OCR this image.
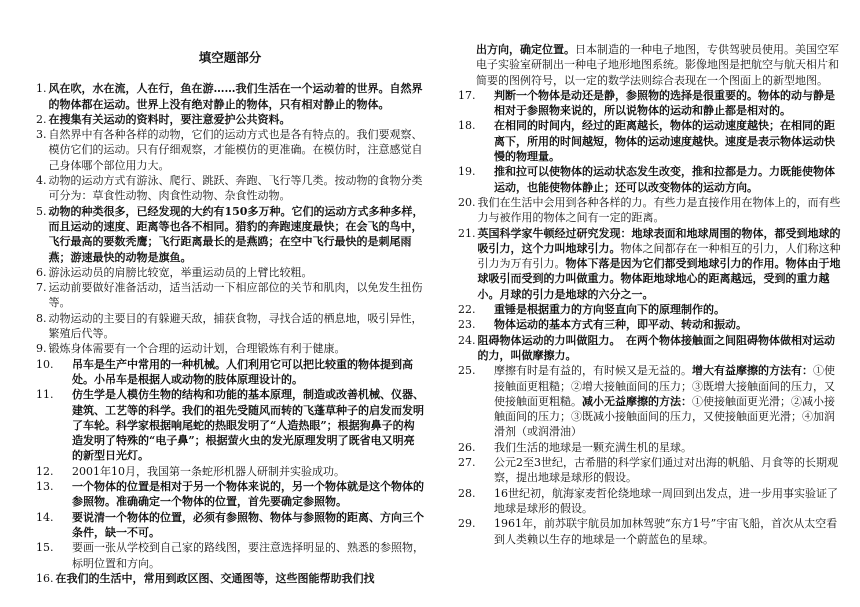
填空题部分
1. 风在吹，水在流，人在行，鱼在游……我们生活在一个运动着的世界。自然界的物体都在运动。世界上没有绝对静止的物体，只有相对静止的物体。
2. 在搜集有关运动的资料时，要注意爱护公共资料。
3. 自然界中有各种各样的动物，它们的运动方式也是各有特点的。我们要观察、模仿它们的运动。只有仔细观察，才能模仿的更准确。在模仿时，注意感觉自己身体哪个部位用力大。
4. 动物的运动方式有游泳、爬行、跳跃、奔跑、飞行等几类。按动物的食物分类可分为：草食性动物、肉食性动物、杂食性动物。
5. 动物的种类很多，已经发现的大约有150多万种。它们的运动方式多种多样，而且运动的速度、距离等也各不相同。猎豹的奔跑速度最快；在会飞的鸟中，飞行最高的要数秃鹰；飞行距离最长的是燕鸥；在空中飞行最快的是刺尾雨燕；游速最快的动物是旗鱼。
6. 游泳运动员的肩膀比较宽，举重运动员的上臂比较粗。
7. 运动前要做好准备活动，适当活动一下相应部位的关节和肌肉，以免发生扭伤等。
8. 动物运动的主要目的有躲避天敌，捕获食物，寻找合适的栖息地，吸引异性，繁殖后代等。
9. 锻炼身体需要有一个合理的运动计划，合理锻炼有利于健康。
10.	吊车是生产中常用的一种机械。人们利用它可以把比较重的物体提到高处。小吊车是根据人或动物的肢体原理设计的。
11.	仿生学是人模仿生物的结构和功能的基本原理，制造或改善机械、仪器、建筑、工艺等的科学。我们的祖先受随风而转的飞蓬草种子的启发而发明了车轮。科学家根据响尾蛇的热眼发明了“人造热眼”；根据狗鼻子的构造发明了特殊的“电子鼻”；根据萤火虫的发光原理发明了既省电又明亮的新型日光灯。
12.	2001年10月，我国第一条蛇形机器人研制并实验成功。
13.	一个物体的位置是相对于另一个物体来说的，另一个物体就是这个物体的参照物。准确确定一个物体的位置，首先要确定参照物。
14.	要说清一个物体的位置，必须有参照物、物体与参照物的距离、方向三个条件，缺一不可。
15.	要画一张从学校到自己家的路线图，要注意选择明显的、熟悉的参照物，标明位置和方向。
16. 在我们的生活中，常用到政区图、交通图等，这些图能帮助我们找

出方向，确定位置。日本制造的一种电子地图，专供驾驶员使用。美国空军电子实验室研制出一种电子地形地图系统。影像地图是把航空与航天相片和简要的图例符号，以一定的数学法则综合表现在一个图面上的新型地图。

17.	判断一个物体是动还是静，参照物的选择是很重要的。物体的动与静是相对于参照物来说的，所以说物体的运动和静止都是相对的。
18.	在相同的时间内，经过的距离越长，物体的运动速度越快；在相同的距离下，所用的时间越短，物体的运动速度越快。速度是表示物体运动快慢的物理量。
19.	推和拉可以使物体的运动状态发生改变，推和拉都是力。力既能使物体运动，也能使物体静止；还可以改变物体的运动方向。
20. 我们在生活中会用到各种各样的力。有些力是直接作用在物体上的，而有些力与被作用的物体之间有一定的距离。
21. 英国科学家牛顿经过研究发现：地球表面和地球周围的物体，都受到地球的吸引力，这个力叫地球引力。物体之间都存在一种相互的引力，人们称这种引力为万有引力。物体下落是因为它们都受到地球引力的作用。物体由于地球吸引而受到的力叫做重力。物体距地球地心的距离越远，受到的重力越小。月球的引力是地球的六分之一。
22.	重锤是根据重力的方向竖直向下的原理制作的。
23.	物体运动的基本方式有三种，即平动、转动和振动。
24. 阻碍物体运动的力叫做阻力。　在两个物体接触面之间阻碍物体做相对运动的力，叫做摩擦力。
25.	摩擦有时是有益的，有时候又是无益的。增大有益摩擦的方法有：①使接触面更粗糙；②增大接触面间的压力；③既增大接触面间的压力，又使接触面更粗糙。减小无益摩擦的方法：①使接触面更光滑；②减小接触面间的压力；③既减小接触面间的压力，又使接触面更光滑；④加润滑剂（或润滑油）
26.	我们生活的地球是一颗充满生机的星球。
27.	公元2至3世纪，古希腊的科学家们通过对出海的帆船、月食等的长期观察，提出地球是球形的假设。
28.	16世纪初，航海家麦哲伦绕地球一周回到出发点，进一步用事实验证了地球是球形的假设。
29.	1961年，前苏联宇航员加加林驾驶“东方1号”宇宙飞船，首次从太空看到人类赖以生存的地球是一个蔚蓝色的星球。
